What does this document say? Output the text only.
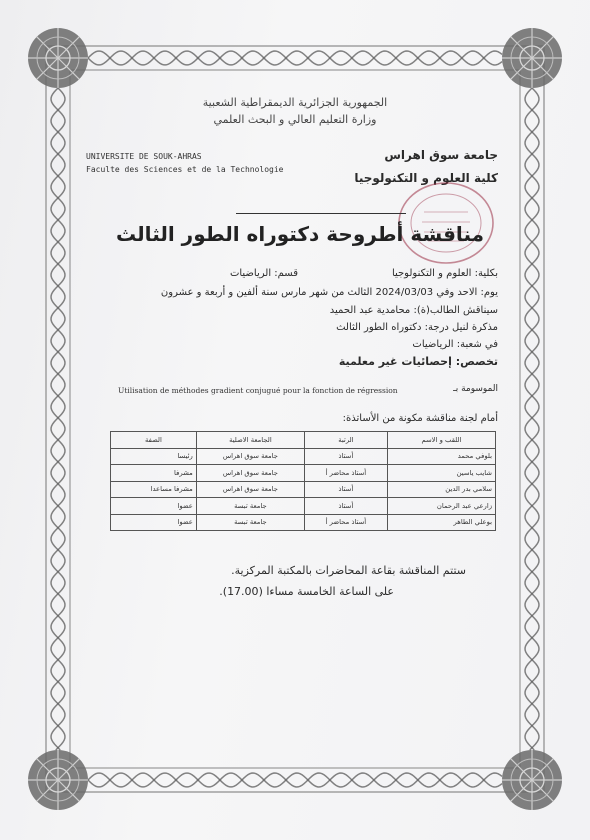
الجمهورية الجزائرية الديمقراطية الشعبية
وزارة التعليم العالي و البحث العلمي
جامعة سوق اهراس
كلية العلوم و التكنولوجيا
UNIVERSITE DE SOUK-AHRAS
Faculte des Sciences et de la Technologie
مناقشة أطروحة دكتوراه الطور الثالث
بكلية: العلوم و التكنولوجيا
قسم: الرياضيات
يوم: الاحد وفي 2024/03/03 الثالث من شهر مارس سنة ألفين و أربعة و عشرون
سيناقش الطالب(ة): محامدية عبد الحميد
مذكرة لنيل درجة: دكتوراه الطور الثالث
في شعبة: الرياضيات
تخصص: إحصائيات غير معلمية
الموسومة بـ
Utilisation de méthodes gradient conjugué pour la fonction de régression
أمام لجنة مناقشة مكونة من الأساتذة:
اللقب و الاسم	الرتبة	الجامعة الاصلية	الصفة
بلوفي محمد	أستاذ	جامعة سوق اهراس	رئيسا
شايب ياسين	أستاذ محاضر أ	جامعة سوق اهراس	مشرفا
سلامي بدر الدين	أستاذ	جامعة سوق اهراس	مشرفا مساعدا
زارعي عبد الرحمان	أستاذ	جامعة تبسة	عضوا
بوعلي الطاهر	أستاذ محاضر أ	جامعة تبسة	عضوا
ستتم المناقشة بقاعة المحاضرات بالمكتبة المركزية.
على الساعة الخامسة مساءا (17.00).
